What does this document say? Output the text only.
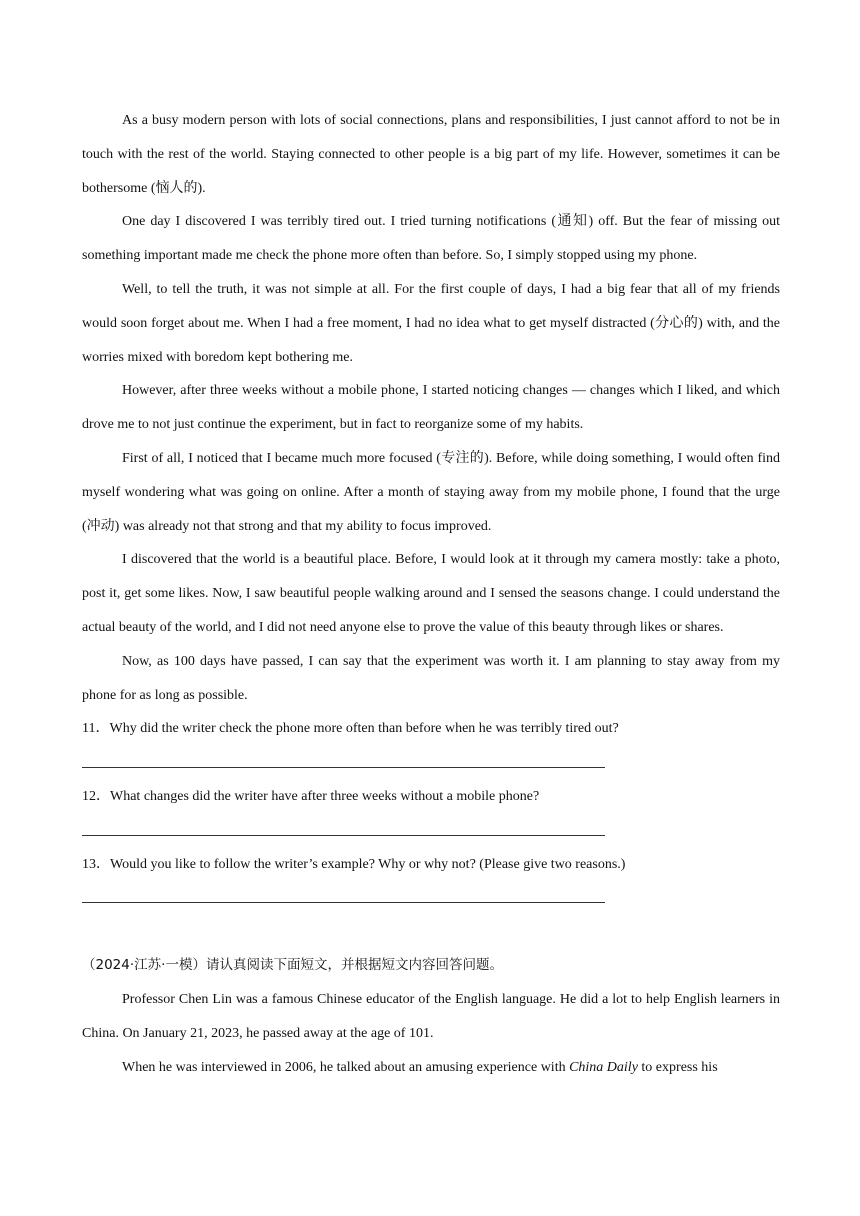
As a busy modern person with lots of social connections, plans and responsibilities, I just cannot afford to not be in touch with the rest of the world. Staying connected to other people is a big part of my life. However, sometimes it can be bothersome (恼人的).

One day I discovered I was terribly tired out. I tried turning notifications (通知) off. But the fear of missing out something important made me check the phone more often than before. So, I simply stopped using my phone.

Well, to tell the truth, it was not simple at all. For the first couple of days, I had a big fear that all of my friends would soon forget about me. When I had a free moment, I had no idea what to get myself distracted (分心的) with, and the worries mixed with boredom kept bothering me.

However, after three weeks without a mobile phone, I started noticing changes — changes which I liked, and which drove me to not just continue the experiment, but in fact to reorganize some of my habits.

First of all, I noticed that I became much more focused (专注的). Before, while doing something, I would often find myself wondering what was going on online. After a month of staying away from my mobile phone, I found that the urge (冲动) was already not that strong and that my ability to focus improved.

I discovered that the world is a beautiful place. Before, I would look at it through my camera mostly: take a photo, post it, get some likes. Now, I saw beautiful people walking around and I sensed the seasons change. I could understand the actual beauty of the world, and I did not need anyone else to prove the value of this beauty through likes or shares.

Now, as 100 days have passed, I can say that the experiment was worth it. I am planning to stay away from my phone for as long as possible.

11．Why did the writer check the phone more often than before when he was terribly tired out?

12．What changes did the writer have after three weeks without a mobile phone?

13．Would you like to follow the writer’s example? Why or why not? (Please give two reasons.)

（2024·江苏·一模）请认真阅读下面短文，并根据短文内容回答问题。

Professor Chen Lin was a famous Chinese educator of the English language. He did a lot to help English learners in China. On January 21, 2023, he passed away at the age of 101.

When he was interviewed in 2006, he talked about an amusing experience with China Daily to express his
